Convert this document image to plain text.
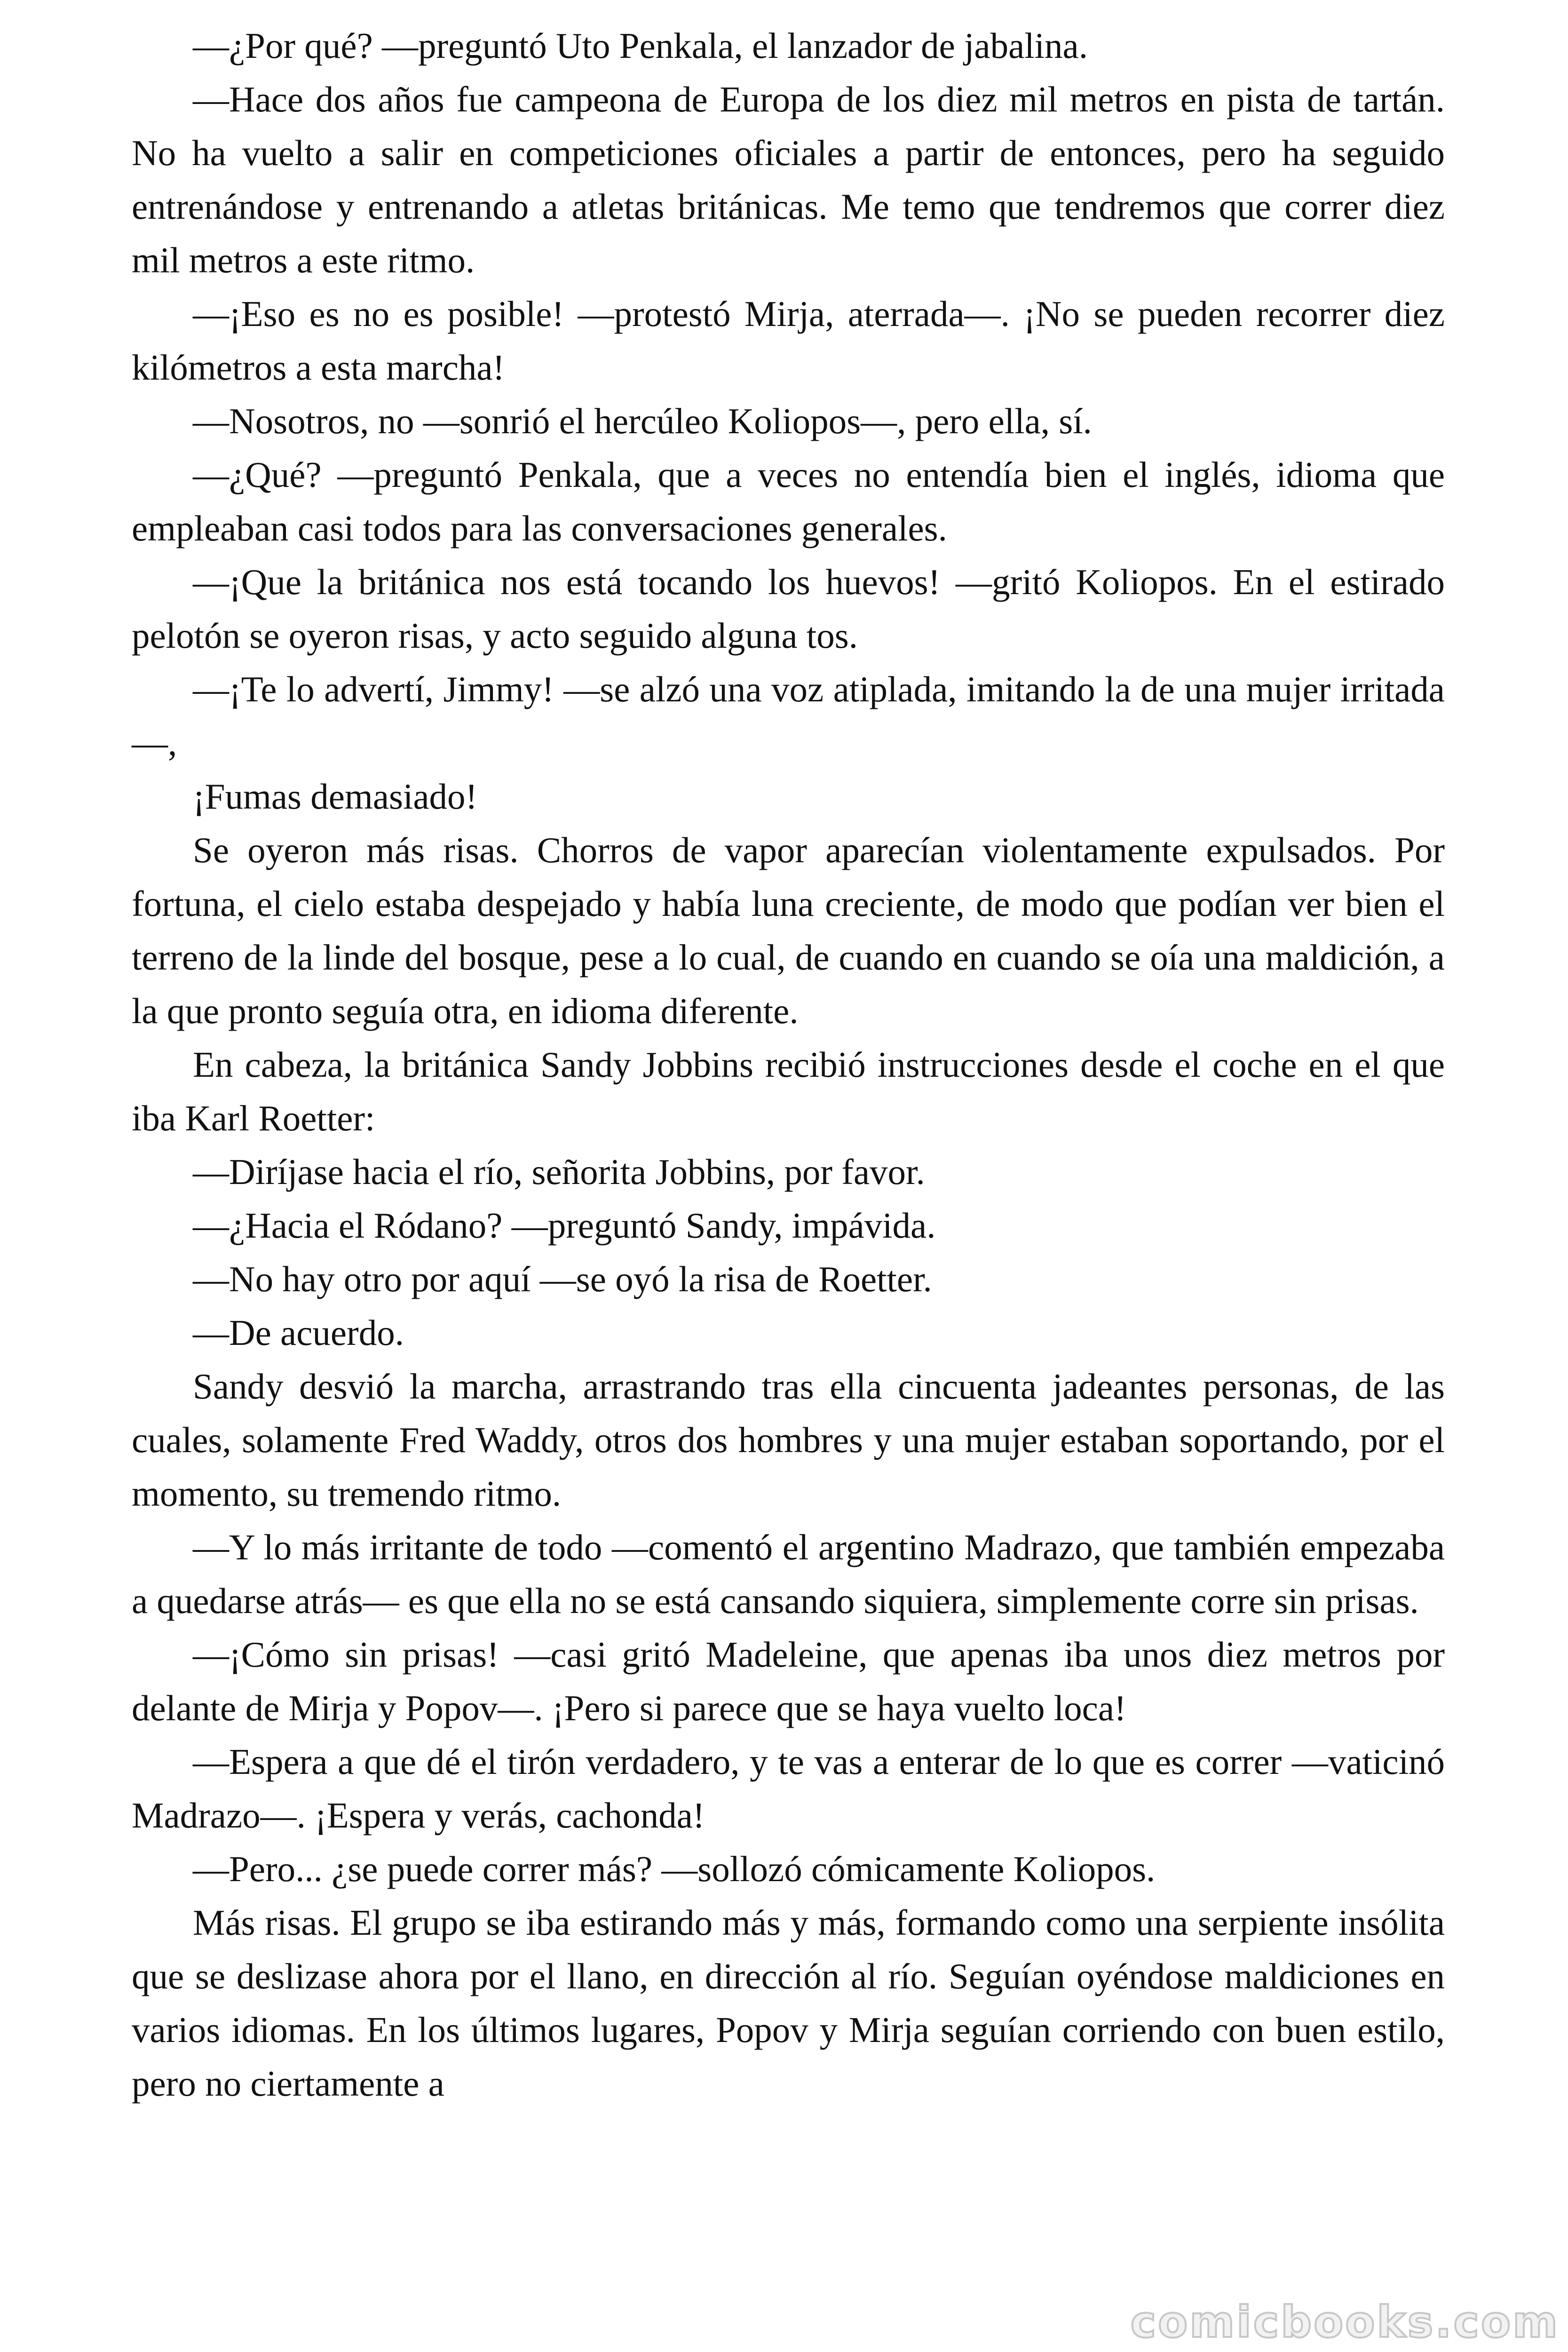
—¿Por qué? —preguntó Uto Penkala, el lanzador de jabalina.

—Hace dos años fue campeona de Europa de los diez mil metros en pista de tartán. No ha vuelto a salir en competiciones oficiales a partir de entonces, pero ha seguido entrenándose y entrenando a atletas británicas. Me temo que tendremos que correr diez mil metros a este ritmo.

—¡Eso es no es posible! —protestó Mirja, aterrada—. ¡No se pueden recorrer diez kilómetros a esta marcha!

—Nosotros, no —sonrió el hercúleo Koliopos—, pero ella, sí.

—¿Qué? —preguntó Penkala, que a veces no entendía bien el inglés, idioma que empleaban casi todos para las conversaciones generales.

—¡Que la británica nos está tocando los huevos! —gritó Koliopos. En el estirado pelotón se oyeron risas, y acto seguido alguna tos.

—¡Te lo advertí, Jimmy! —se alzó una voz atiplada, imitando la de una mujer irritada—,

¡Fumas demasiado!

Se oyeron más risas. Chorros de vapor aparecían violentamente expulsados. Por fortuna, el cielo estaba despejado y había luna creciente, de modo que podían ver bien el terreno de la linde del bosque, pese a lo cual, de cuando en cuando se oía una maldición, a la que pronto seguía otra, en idioma diferente.

En cabeza, la británica Sandy Jobbins recibió instrucciones desde el coche en el que iba Karl Roetter:

—Diríjase hacia el río, señorita Jobbins, por favor.

—¿Hacia el Ródano? —preguntó Sandy, impávida.

—No hay otro por aquí —se oyó la risa de Roetter.

—De acuerdo.

Sandy desvió la marcha, arrastrando tras ella cincuenta jadeantes personas, de las cuales, solamente Fred Waddy, otros dos hombres y una mujer estaban soportando, por el momento, su tremendo ritmo.

—Y lo más irritante de todo —comentó el argentino Madrazo, que también empezaba a quedarse atrás— es que ella no se está cansando siquiera, simplemente corre sin prisas.

—¡Cómo sin prisas! —casi gritó Madeleine, que apenas iba unos diez metros por delante de Mirja y Popov—. ¡Pero si parece que se haya vuelto loca!

—Espera a que dé el tirón verdadero, y te vas a enterar de lo que es correr —vaticinó Madrazo—. ¡Espera y verás, cachonda!

—Pero... ¿se puede correr más? —sollozó cómicamente Koliopos.

Más risas. El grupo se iba estirando más y más, formando como una serpiente insólita que se deslizase ahora por el llano, en dirección al río. Seguían oyéndose maldiciones en varios idiomas. En los últimos lugares, Popov y Mirja seguían corriendo con buen estilo, pero no ciertamente a

comicbooks.com
